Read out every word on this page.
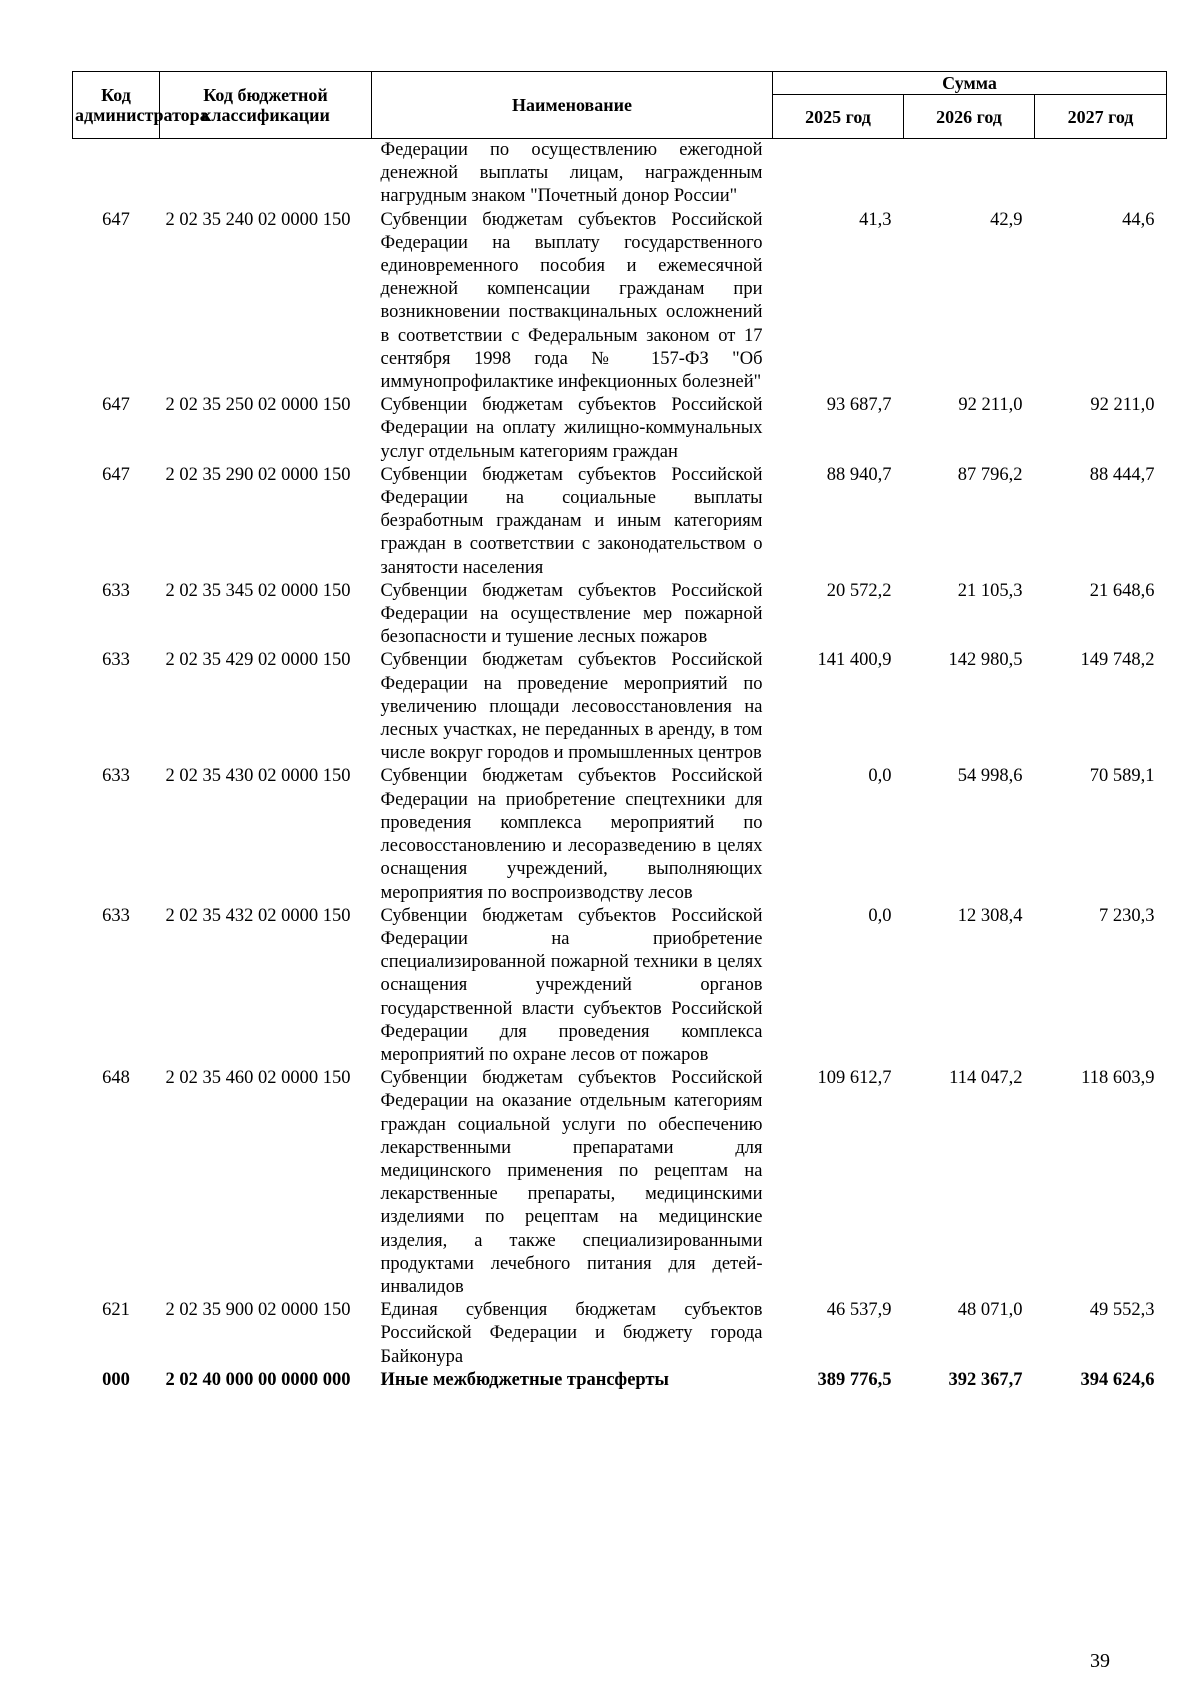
Код администратора	Код бюджетной классификации	Наименование	Сумма		
			2025 год	2026 год	2027 год
		Федерации по осуществлению ежегодной денежной выплаты лицам, награжденным нагрудным знаком "Почетный донор России"			
647	2 02 35 240 02 0000 150	Субвенции бюджетам субъектов Российской Федерации на выплату государственного единовременного пособия и ежемесячной денежной компенсации гражданам при возникновении поствакцинальных осложнений в соответствии с Федеральным законом от 17 сентября 1998 года № 157-ФЗ "Об иммунопрофилактике инфекционных болезней"	41,3	42,9	44,6
647	2 02 35 250 02 0000 150	Субвенции бюджетам субъектов Российской Федерации на оплату жилищно-коммунальных услуг отдельным категориям граждан	93 687,7	92 211,0	92 211,0
647	2 02 35 290 02 0000 150	Субвенции бюджетам субъектов Российской Федерации на социальные выплаты безработным гражданам и иным категориям граждан в соответствии с законодательством о занятости населения	88 940,7	87 796,2	88 444,7
633	2 02 35 345 02 0000 150	Субвенции бюджетам субъектов Российской Федерации на осуществление мер пожарной безопасности и тушение лесных пожаров	20 572,2	21 105,3	21 648,6
633	2 02 35 429 02 0000 150	Субвенции бюджетам субъектов Российской Федерации на проведение мероприятий по увеличению площади лесовосстановления на лесных участках, не переданных в аренду, в том числе вокруг городов и промышленных центров	141 400,9	142 980,5	149 748,2
633	2 02 35 430 02 0000 150	Субвенции бюджетам субъектов Российской Федерации на приобретение спецтехники для проведения комплекса мероприятий по лесовосстановлению и лесоразведению в целях оснащения учреждений, выполняющих мероприятия по воспроизводству лесов	0,0	54 998,6	70 589,1
633	2 02 35 432 02 0000 150	Субвенции бюджетам субъектов Российской Федерации на приобретение специализированной пожарной техники в целях оснащения учреждений органов государственной власти субъектов Российской Федерации для проведения комплекса мероприятий по охране лесов от пожаров	0,0	12 308,4	7 230,3
648	2 02 35 460 02 0000 150	Субвенции бюджетам субъектов Российской Федерации на оказание отдельным категориям граждан социальной услуги по обеспечению лекарственными препаратами для медицинского применения по рецептам на лекарственные препараты, медицинскими изделиями по рецептам на медицинские изделия, а также специализированными продуктами лечебного питания для детей-инвалидов	109 612,7	114 047,2	118 603,9
621	2 02 35 900 02 0000 150	Единая субвенция бюджетам субъектов Российской Федерации и бюджету города Байконура	46 537,9	48 071,0	49 552,3
000	2 02 40 000 00 0000 000	Иные межбюджетные трансферты	389 776,5	392 367,7	394 624,6
39
